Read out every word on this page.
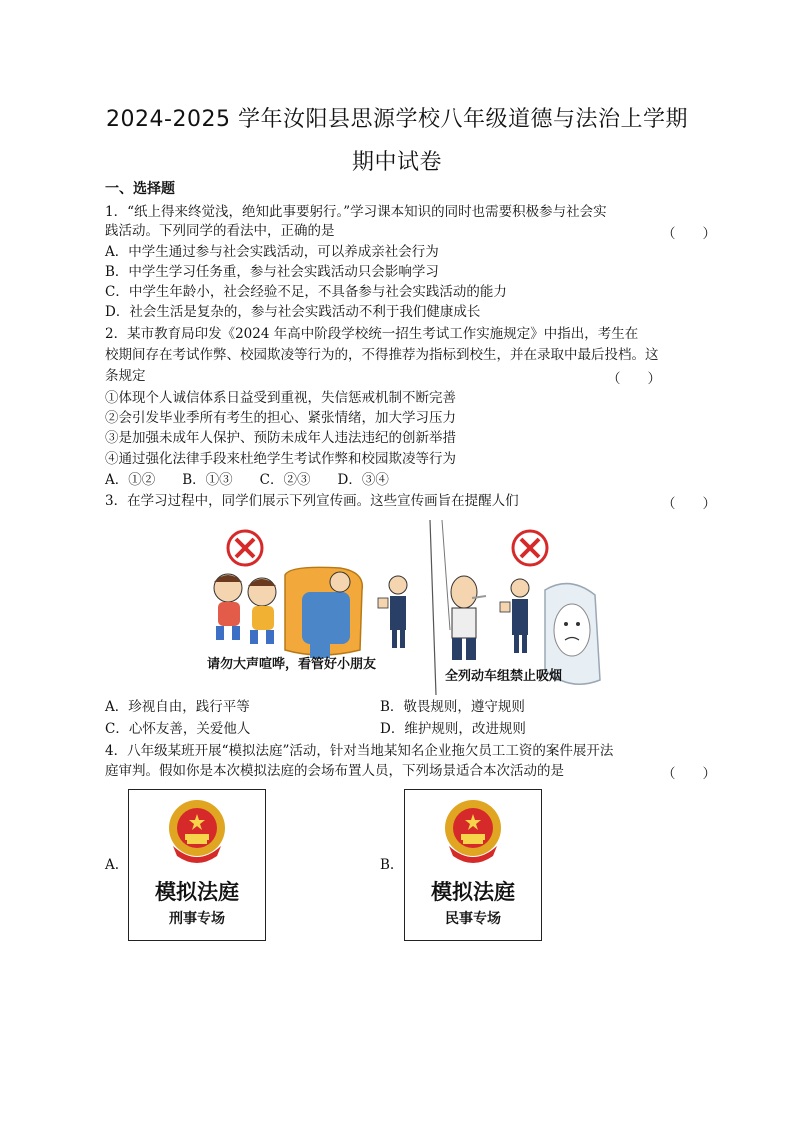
2024-2025 学年汝阳县思源学校八年级道德与法治上学期
期中试卷
一、选择题
1．“纸上得来终觉浅，绝知此事要躬行。”学习课本知识的同时也需要积极参与社会实
践活动。下列同学的看法中，正确的是	（　　）
A．中学生通过参与社会实践活动，可以养成亲社会行为
B．中学生学习任务重，参与社会实践活动只会影响学习
C．中学生年龄小，社会经验不足，不具备参与社会实践活动的能力
D．社会生活是复杂的，参与社会实践活动不利于我们健康成长
2．某市教育局印发《2024 年高中阶段学校统一招生考试工作实施规定》中指出，考生在
校期间存在考试作弊、校园欺凌等行为的，不得推荐为指标到校生，并在录取中最后投档。这
条规定	（　　）
①体现个人诚信体系日益受到重视，失信惩戒机制不断完善
②会引发毕业季所有考生的担心、紧张情绪，加大学习压力
③是加强未成年人保护、预防未成年人违法违纪的创新举措
④通过强化法律手段来杜绝学生考试作弊和校园欺凌等行为
A．①②　　B．①③　　C．②③　　D．③④
3．在学习过程中，同学们展示下列宣传画。这些宣传画旨在提醒人们	（　　）
请勿大声喧哗，看管好小朋友
全列动车组禁止吸烟
A．珍视自由，践行平等	B．敬畏规则，遵守规则
C．心怀友善，关爱他人	D．维护规则，改进规则
4．八年级某班开展“模拟法庭”活动，针对当地某知名企业拖欠员工工资的案件展开法
庭审判。假如你是本次模拟法庭的会场布置人员，下列场景适合本次活动的是	（　　）
A.
模拟法庭
刑事专场
B.
模拟法庭
民事专场
